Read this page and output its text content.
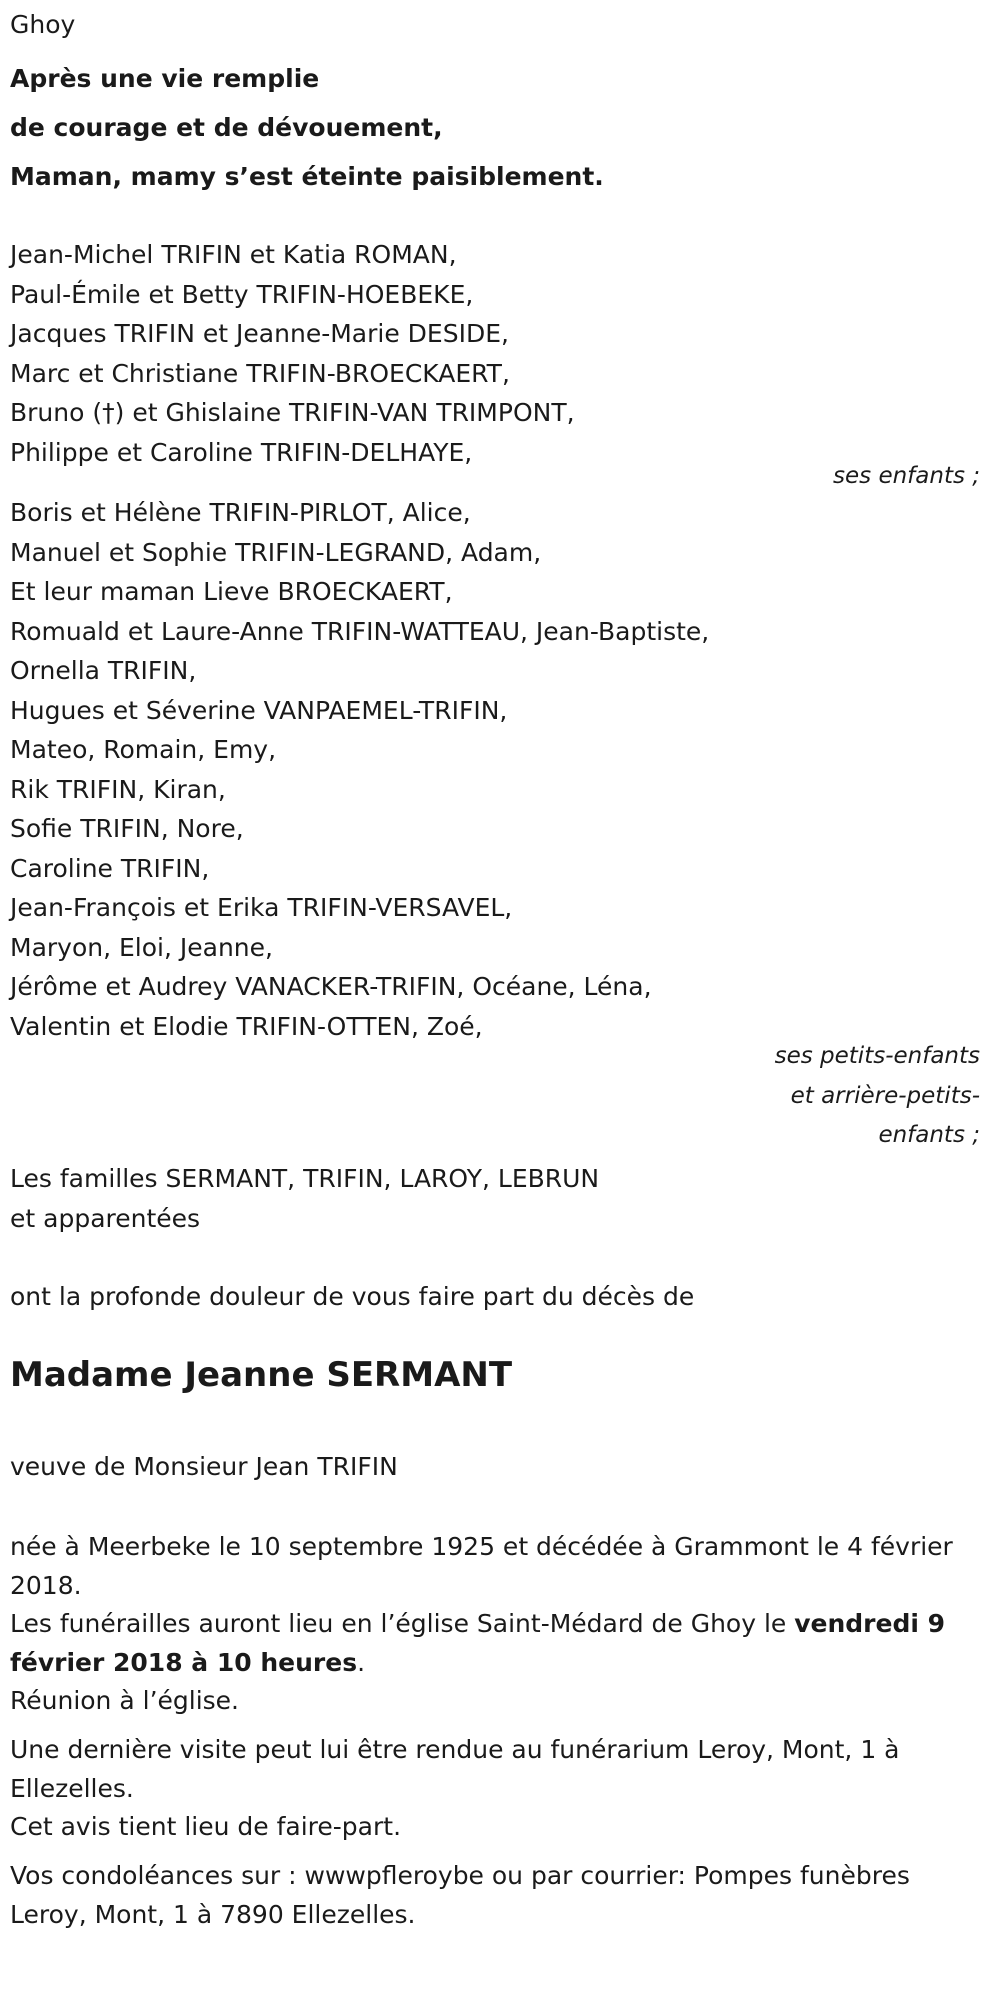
Ghoy
Après une vie remplie
de courage et de dévouement,
Maman, mamy s’est éteinte paisiblement.
Jean-Michel TRIFIN et Katia ROMAN,
Paul-Émile et Betty TRIFIN-HOEBEKE,
Jacques TRIFIN et Jeanne-Marie DESIDE,
Marc et Christiane TRIFIN-BROECKAERT,
Bruno (†) et Ghislaine TRIFIN-VAN TRIMPONT,
Philippe et Caroline TRIFIN-DELHAYE,
ses enfants ;
Boris et Hélène TRIFIN-PIRLOT, Alice,
Manuel et Sophie TRIFIN-LEGRAND, Adam,
Et leur maman Lieve BROECKAERT,
Romuald et Laure-Anne TRIFIN-WATTEAU, Jean-Baptiste,
Ornella TRIFIN,
Hugues et Séverine VANPAEMEL-TRIFIN,
Mateo, Romain, Emy,
Rik TRIFIN, Kiran,
Sofie TRIFIN, Nore,
Caroline TRIFIN,
Jean-François et Erika TRIFIN-VERSAVEL,
Maryon, Eloi, Jeanne,
Jérôme et Audrey VANACKER-TRIFIN, Océane, Léna,
Valentin et Elodie TRIFIN-OTTEN, Zoé,
ses petits-enfants
et arrière-petits-
enfants ;
Les familles SERMANT, TRIFIN, LAROY, LEBRUN
et apparentées
ont la profonde douleur de vous faire part du décès de
Madame Jeanne SERMANT
veuve de Monsieur Jean TRIFIN
née à Meerbeke le 10 septembre 1925 et décédée à Grammont le 4 février 2018.
Les funérailles auront lieu en l’église Saint-Médard de Ghoy le vendredi 9 février 2018 à 10 heures.
Réunion à l’église.
Une dernière visite peut lui être rendue au funérarium Leroy, Mont, 1 à Ellezelles.
Cet avis tient lieu de faire-part.
Vos condoléances sur : wwwpfleroybe ou par courrier: Pompes funèbres Leroy, Mont, 1 à 7890 Ellezelles.
